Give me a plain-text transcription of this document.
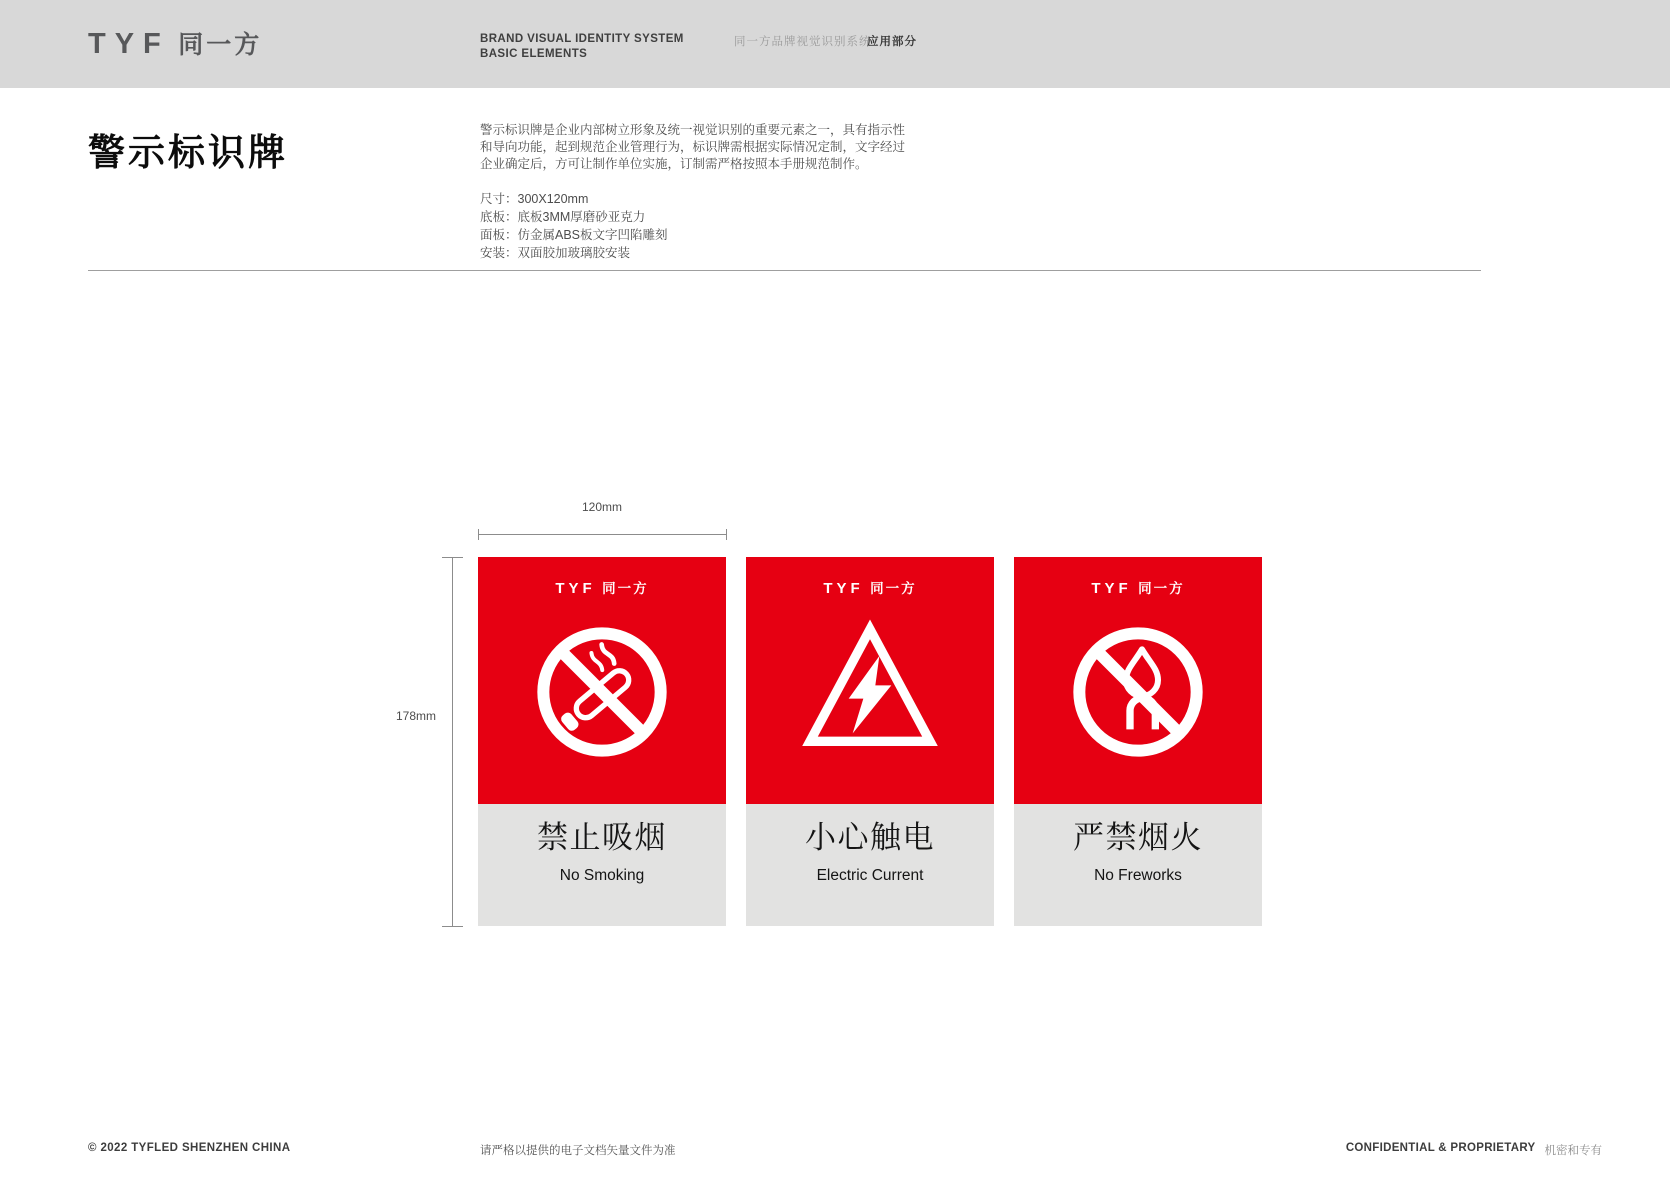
TYF 同一方	BRAND VISUAL IDENTITY SYSTEM
BASIC ELEMENTS
同一方品牌视觉识别系统
应用部分
警示标识牌
警示标识牌是企业内部树立形象及统一视觉识别的重要元素之一，具有指示性
和导向功能，起到规范企业管理行为，标识牌需根据实际情况定制，文字经过
企业确定后，方可让制作单位实施，订制需严格按照本手册规范制作。
尺寸：300X120mm
底板：底板3MM厚磨砂亚克力
面板：仿金属ABS板文字凹陷雕刻
安装：双面胶加玻璃胶安装
120mm
178mm
TYF 同一方
禁止吸烟
No Smoking
TYF 同一方
小心触电
Electric Current
TYF 同一方
严禁烟火
No Freworks
© 2022 TYFLED SHENZHEN CHINA	请严格以提供的电子文档矢量文件为准	CONFIDENTIAL & PROPRIETARY 机密和专有
